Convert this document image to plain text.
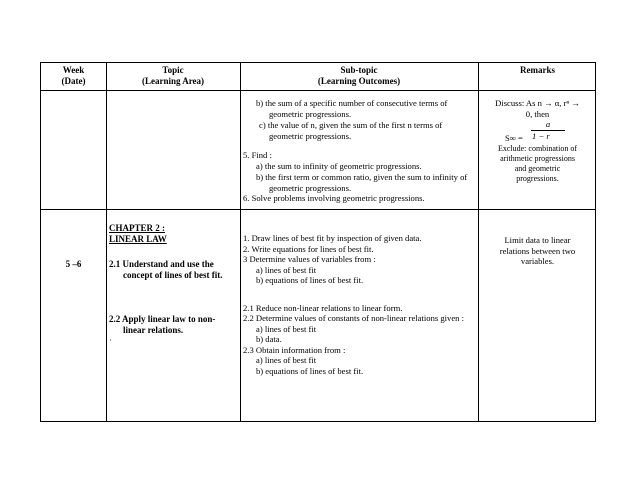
Week
(Date)
Topic
(Learning Area)
Sub-topic
(Learning Outcomes)
Remarks
b) the sum of a specific number of consecutive terms of
geometric progressions.
c) the value of n, given the sum of the first n terms of
geometric progressions.
5. Find :
a) the sum to infinity of geometric progressions.
b) the first term or common ratio, given the sum to infinity of
geometric progressions.
6. Solve problems involving geometric progressions.
Discuss: As n → α, rⁿ →
0, then
a
S∞ = 1 − r
Exclude: combination of
arithmetic progressions
and geometric
progressions.
5 –6
CHAPTER 2 :
LINEAR LAW
2.1 Understand and use the
concept of lines of best fit.
2.2 Apply linear law to non-
linear relations.
·
1. Draw lines of best fit by inspection of given data.
2. Write equations for lines of best fit.
3 Determine values of variables from :
a) lines of best fit
b) equations of lines of best fit.
2.1 Reduce non-linear relations to linear form.
2.2 Determine values of constants of non-linear relations given :
a) lines of best fit
b) data.
2.3 Obtain information from :
a) lines of best fit
b) equations of lines of best fit.
Limit data to linear
relations between two
variables.
